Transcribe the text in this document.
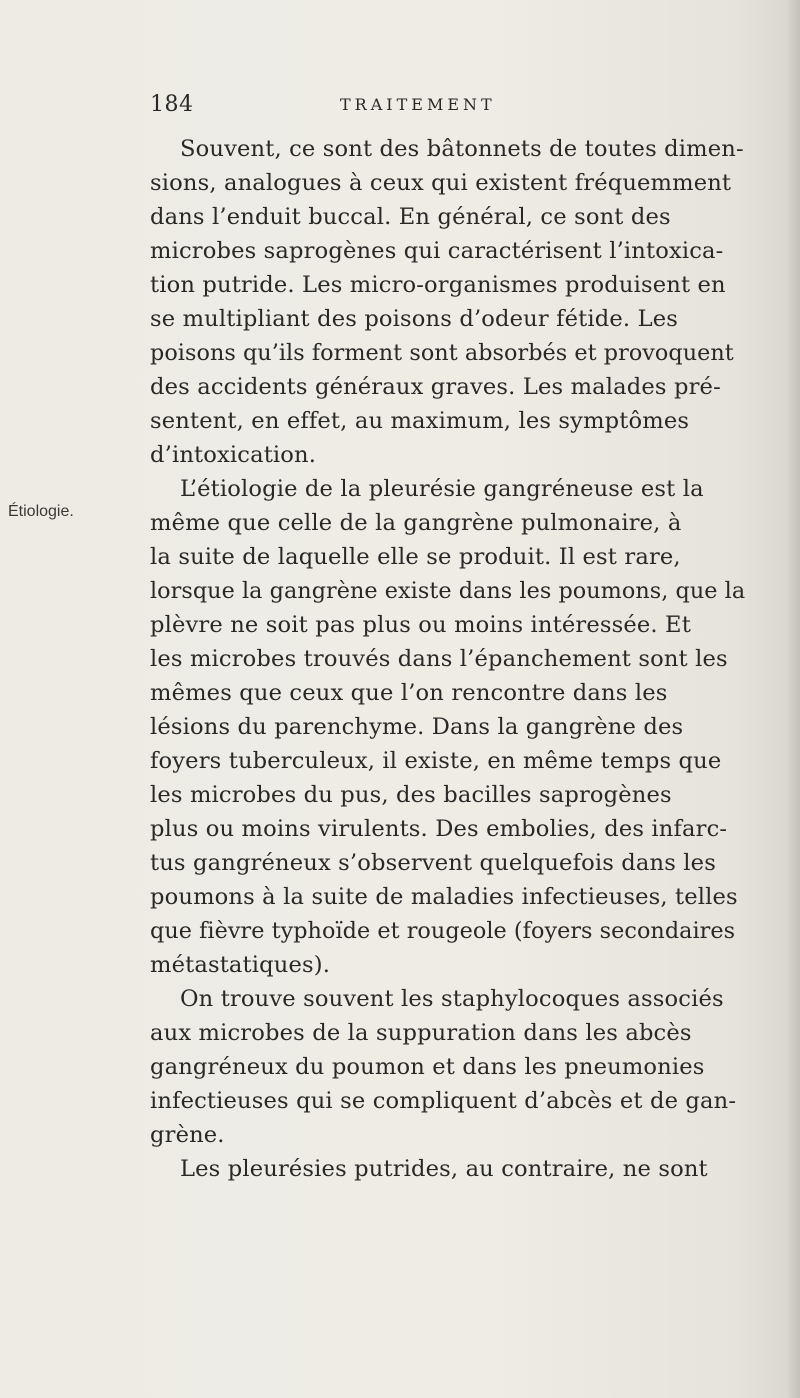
184	TRAITEMENT
Étiologie.
Souvent, ce sont des bâtonnets de toutes dimen-
sions, analogues à ceux qui existent fréquemment
dans l’enduit buccal. En général, ce sont des
microbes saprogènes qui caractérisent l’intoxica-
tion putride. Les micro-organismes produisent en
se multipliant des poisons d’odeur fétide. Les
poisons qu’ils forment sont absorbés et provoquent
des accidents généraux graves. Les malades pré-
sentent, en effet, au maximum, les symptômes
d’intoxication.
L’étiologie de la pleurésie gangréneuse est la
même que celle de la gangrène pulmonaire, à
la suite de laquelle elle se produit. Il est rare,
lorsque la gangrène existe dans les poumons, que la
plèvre ne soit pas plus ou moins intéressée. Et
les microbes trouvés dans l’épanchement sont les
mêmes que ceux que l’on rencontre dans les
lésions du parenchyme. Dans la gangrène des
foyers tuberculeux, il existe, en même temps que
les microbes du pus, des bacilles saprogènes
plus ou moins virulents. Des embolies, des infarc-
tus gangréneux s’observent quelquefois dans les
poumons à la suite de maladies infectieuses, telles
que fièvre typhoïde et rougeole (foyers secondaires
métastatiques).
On trouve souvent les staphylocoques associés
aux microbes de la suppuration dans les abcès
gangréneux du poumon et dans les pneumonies
infectieuses qui se compliquent d’abcès et de gan-
grène.
Les pleurésies putrides, au contraire, ne sont
